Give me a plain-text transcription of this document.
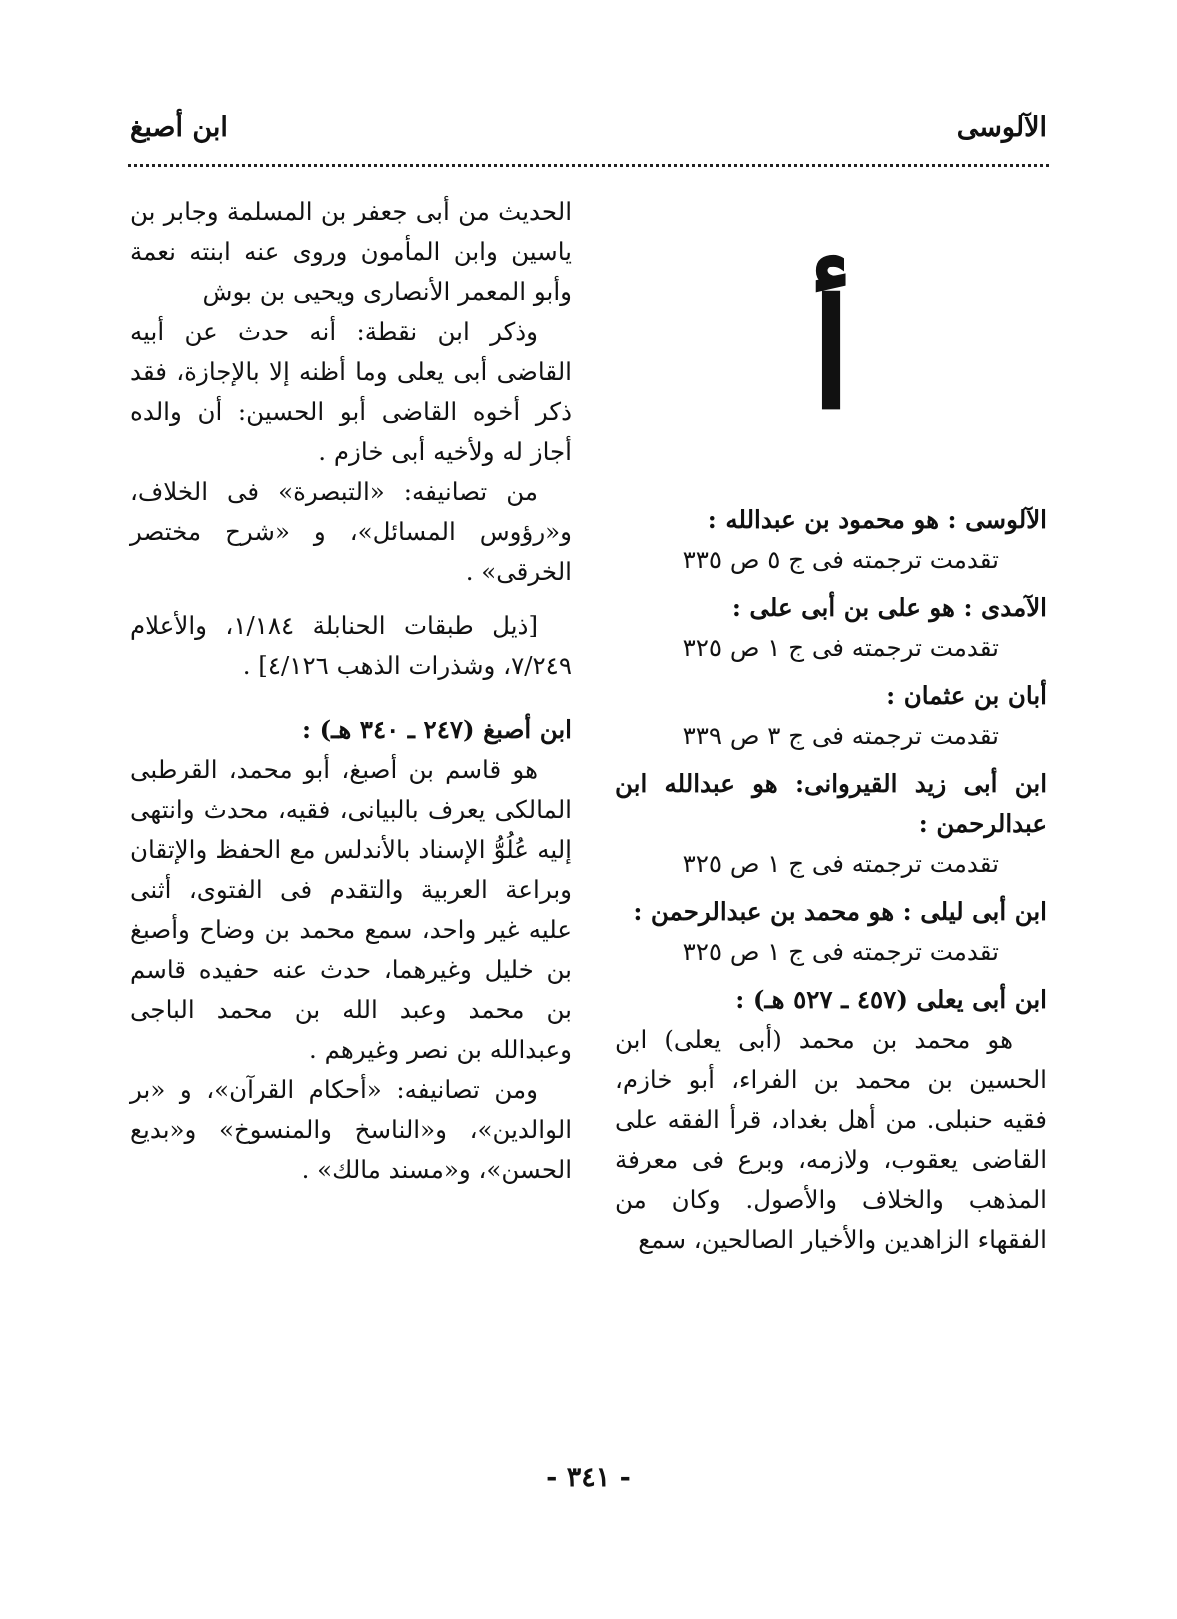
الآلوسى
ابن أصبغ
أ
الآلوسى : هو محمود بن عبدالله :
تقدمت ترجمته فى ج ٥ ص ٣٣٥
الآمدى : هو على بن أبى على :
تقدمت ترجمته فى ج ١ ص ٣٢٥
أبان بن عثمان :
تقدمت ترجمته فى ج ٣ ص ٣٣٩
ابن أبى زيد القيروانى: هو عبدالله ابن عبدالرحمن :
تقدمت ترجمته فى ج ١ ص ٣٢٥
ابن أبى ليلى : هو محمد بن عبدالرحمن :
تقدمت ترجمته فى ج ١ ص ٣٢٥
ابن أبى يعلى (٤٥٧ ـ ٥٢٧ هـ) :

هو محمد بن محمد (أبى يعلى) ابن الحسين بن محمد بن الفراء، أبو خازم، فقيه حنبلى. من أهل بغداد، قرأ الفقه على القاضى يعقوب، ولازمه، وبرع فى معرفة المذهب والخلاف والأصول. وكان من الفقهاء الزاهدين والأخيار الصالحين، سمع

الحديث من أبى جعفر بن المسلمة وجابر بن ياسين وابن المأمون وروى عنه ابنته نعمة وأبو المعمر الأنصارى ويحيى بن بوش

وذكر ابن نقطة: أنه حدث عن أبيه القاضى أبى يعلى وما أظنه إلا بالإجازة، فقد ذكر أخوه القاضى أبو الحسين: أن والده أجاز له ولأخيه أبى خازم .

من تصانيفه: «التبصرة» فى الخلاف، و«رؤوس المسائل»، و «شرح مختصر الخرقى» .

[ذيل طبقات الحنابلة ١/١٨٤، والأعلام ٧/٢٤٩، وشذرات الذهب ٤/١٢٦] .

ابن أصبغ (٢٤٧ ـ ٣٤٠ هـ) :

هو قاسم بن أصبغ، أبو محمد، القرطبى المالكى يعرف بالبيانى، فقيه، محدث وانتهى إليه عُلُوُّ الإسناد بالأندلس مع الحفظ والإتقان وبراعة العربية والتقدم فى الفتوى، أثنى عليه غير واحد، سمع محمد بن وضاح وأصبغ بن خليل وغيرهما، حدث عنه حفيده قاسم بن محمد وعبد الله بن محمد الباجى وعبدالله بن نصر وغيرهم .

ومن تصانيفه: «أحكام القرآن»، و «بر الوالدين»، و«الناسخ والمنسوخ» و«بديع الحسن»، و«مسند مالك» .

- ٣٤١ -
